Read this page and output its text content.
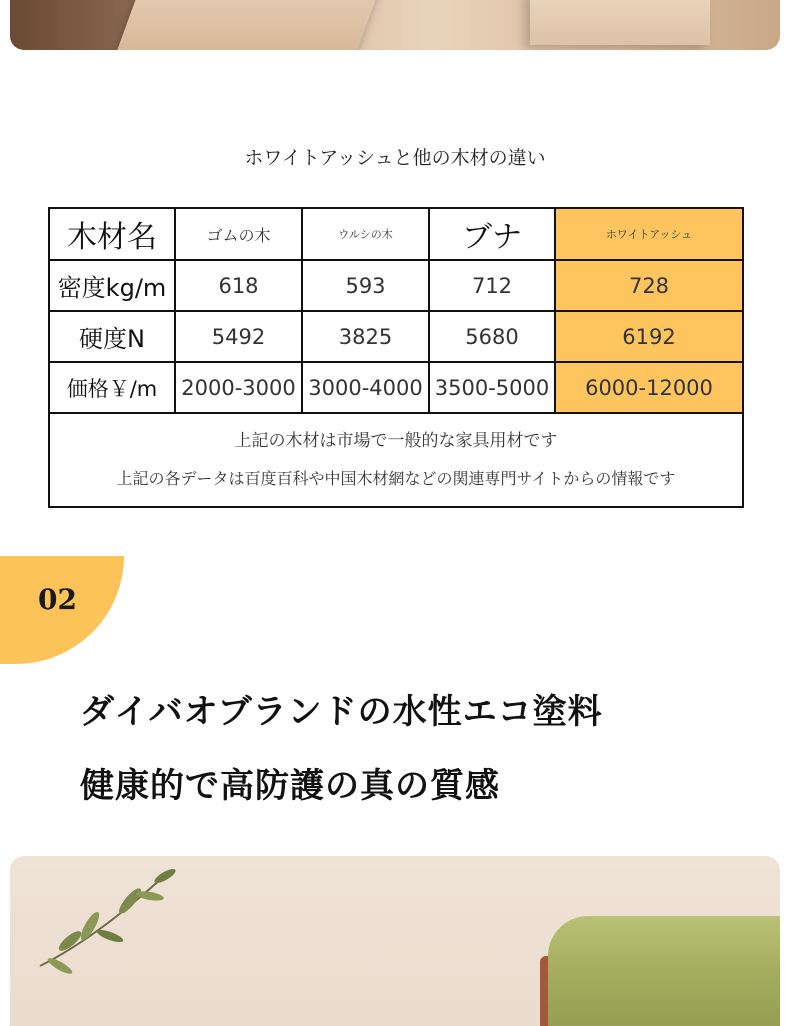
ホワイトアッシュと他の木材の違い
木材名	ゴムの木	ウルシの木	ブナ	ホワイトアッシュ
密度kg/m	618	593	712	728
硬度N	5492	3825	5680	6192
価格￥/m	2000-3000	3000-4000	3500-5000	6000-12000

上記の木材は市場で一般的な家具用材です
上記の各データは百度百科や中国木材網などの関連専門サイトからの情報です				
02
ダイバオブランドの水性エコ塗料
健康的で高防護の真の質感
